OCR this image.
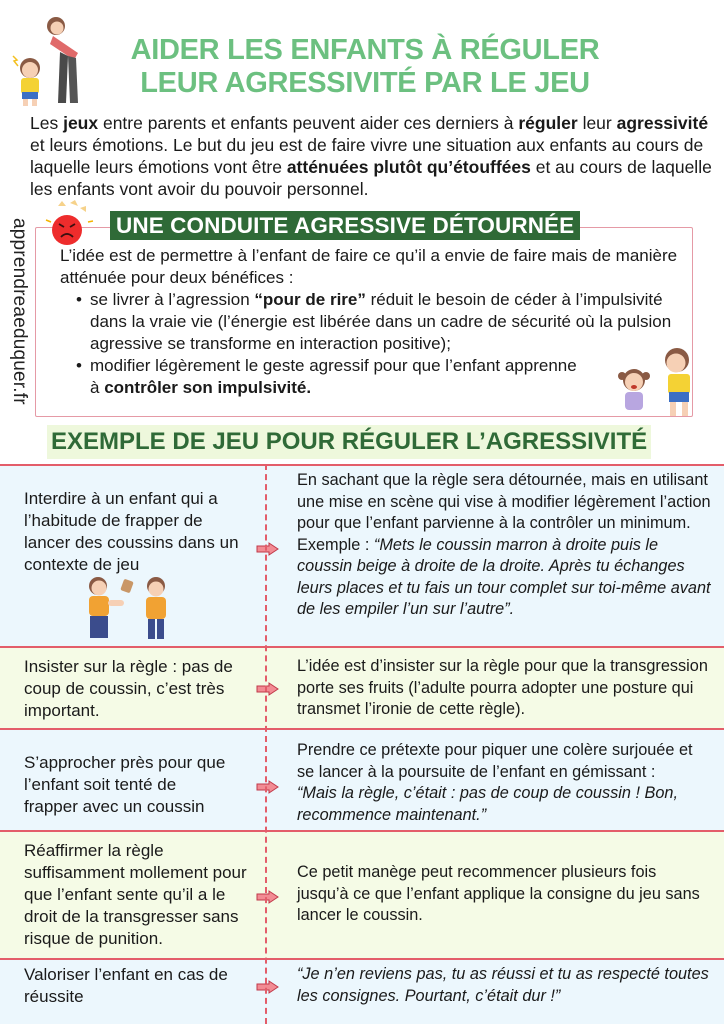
AIDER LES ENFANTS À RÉGULER
LEUR AGRESSIVITÉ PAR LE JEU

Les jeux entre parents et enfants peuvent aider ces derniers à réguler leur agressivité et leurs émotions. Le but du jeu est de faire vivre une situation aux enfants au cours de laquelle leurs émotions vont être atténuées plutôt qu’étouffées et au cours de laquelle les enfants vont avoir du pouvoir personnel.

apprendreaeduquer.fr	UNE CONDUITE AGRESSIVE DÉTOURNÉE

L’idée est de permettre à l’enfant de faire ce qu’il a envie de faire mais de manière atténuée pour deux bénéfices :

• se livrer à l’agression “pour de rire” réduit le besoin de céder à l’impulsivité dans la vraie vie (l’énergie est libérée dans un cadre de sécurité où la pulsion agressive se transforme en interaction positive);
• modifier légèrement le geste agressif pour que l’enfant apprenne à contrôler son impulsivité.
EXEMPLE DE JEU POUR RÉGULER L’AGRESSIVITÉ
Interdire à un enfant qui a l’habitude de frapper de lancer des coussins dans un contexte de jeu
En sachant que la règle sera détournée, mais en utilisant une mise en scène qui vise à modifier légèrement l’action pour que l’enfant parvienne à la contrôler un minimum.
Exemple : “Mets le coussin marron à droite puis le coussin beige à droite de la droite. Après tu échanges leurs places et tu fais un tour complet sur toi-même avant de les empiler l’un sur l’autre”.
Insister sur la règle : pas de coup de coussin, c’est très important.
L’idée est d’insister sur la règle pour que la transgression porte ses fruits (l’adulte pourra adopter une posture qui transmet l’ironie de cette règle).
S’approcher près pour que l’enfant soit tenté de frapper avec un coussin
Prendre ce prétexte pour piquer une colère surjouée et se lancer à la poursuite de l’enfant en gémissant :
“Mais la règle, c’était : pas de coup de coussin ! Bon, recommence maintenant.”
Réaffirmer la règle suffisamment mollement pour que l’enfant sente qu’il a le droit de la transgresser sans risque de punition.
Ce petit manège peut recommencer plusieurs fois jusqu’à ce que l’enfant applique la consigne du jeu sans lancer le coussin.
Valoriser l’enfant en cas de réussite
“Je n’en reviens pas, tu as réussi et tu as respecté toutes les consignes. Pourtant, c’était dur !”
